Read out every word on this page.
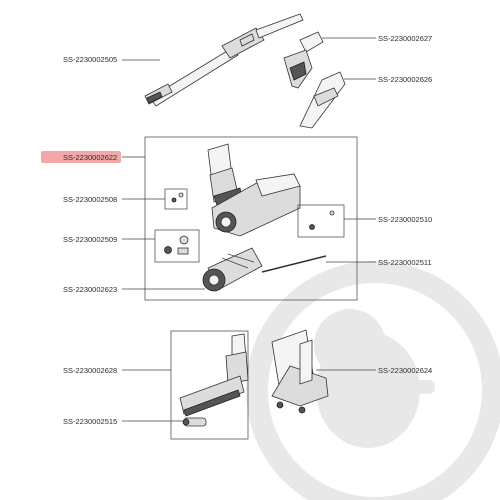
SS-2230002505
SS-2230002627
SS-2230002626
SS-2230002622
SS-2230002508
SS-2230002510
SS-2230002509
SS-2230002511
SS-2230002623
SS-2230002628	SS-2230002624
SS-2230002515
